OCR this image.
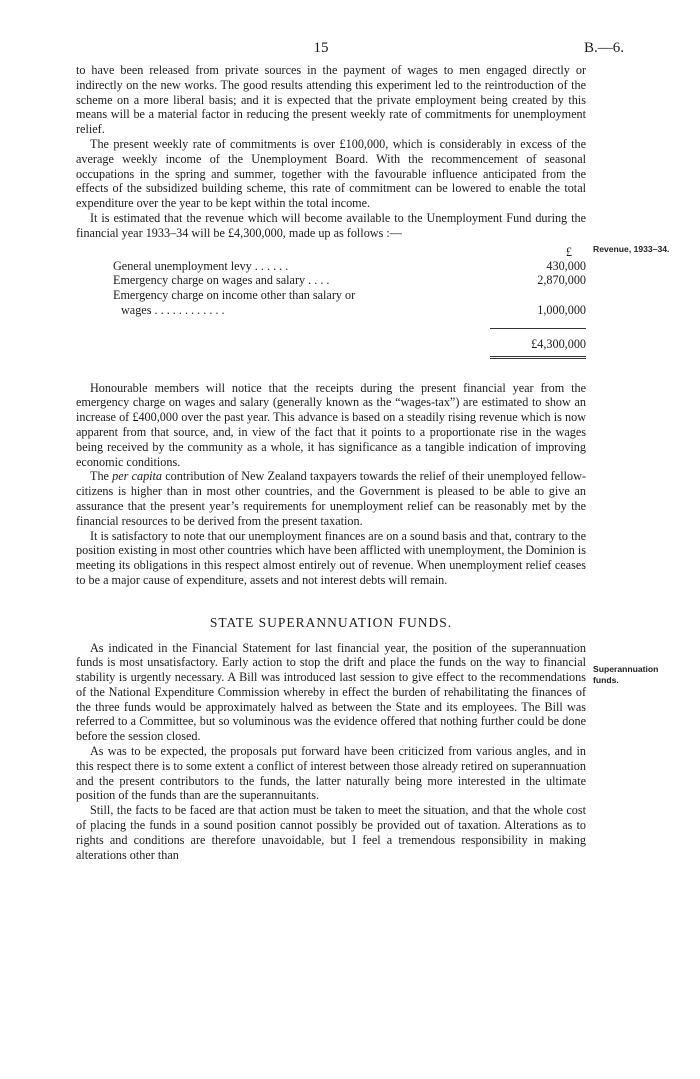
15	B.—6.
Revenue, 1933–34.
Superannuation
funds.

to have been released from private sources in the payment of wages to men engaged directly or indirectly on the new works. The good results attending this experiment led to the reintroduction of the scheme on a more liberal basis; and it is expected that the private employment being created by this means will be a material factor in reducing the present weekly rate of commitments for unemployment relief.

The present weekly rate of commitments is over £100,000, which is considerably in excess of the average weekly income of the Unemployment Board. With the recommencement of seasonal occupations in the spring and summer, together with the favourable influence anticipated from the effects of the subsidized building scheme, this rate of commitment can be lowered to enable the total expenditure over the year to be kept within the total income.

It is estimated that the revenue which will become available to the Unemployment Fund during the financial year 1933–34 will be £4,300,000, made up as follows :—

£
General unemployment levy . . . . . .	430,000
Emergency charge on wages and salary . . . .	2,870,000
Emergency charge on income other than salary or
wages . . . . . . . . . . . .	1,000,000
£4,300,000

Honourable members will notice that the receipts during the present financial year from the emergency charge on wages and salary (generally known as the “wages-tax”) are estimated to show an increase of £400,000 over the past year. This advance is based on a steadily rising revenue which is now apparent from that source, and, in view of the fact that it points to a proportionate rise in the wages being received by the community as a whole, it has significance as a tangible indication of improving economic conditions.

The per capita contribution of New Zealand taxpayers towards the relief of their unemployed fellow-citizens is higher than in most other countries, and the Government is pleased to be able to give an assurance that the present year’s requirements for unemployment relief can be reasonably met by the financial resources to be derived from the present taxation.

It is satisfactory to note that our unemployment finances are on a sound basis and that, contrary to the position existing in most other countries which have been afflicted with unemployment, the Dominion is meeting its obligations in this respect almost entirely out of revenue. When unemployment relief ceases to be a major cause of expenditure, assets and not interest debts will remain.

STATE SUPERANNUATION FUNDS.

As indicated in the Financial Statement for last financial year, the position of the superannuation funds is most unsatisfactory. Early action to stop the drift and place the funds on the way to financial stability is urgently necessary. A Bill was introduced last session to give effect to the recommendations of the National Expenditure Commission whereby in effect the burden of rehabilitating the finances of the three funds would be approximately halved as between the State and its employees. The Bill was referred to a Committee, but so voluminous was the evidence offered that nothing further could be done before the session closed.

As was to be expected, the proposals put forward have been criticized from various angles, and in this respect there is to some extent a conflict of interest between those already retired on superannuation and the present contributors to the funds, the latter naturally being more interested in the ultimate position of the funds than are the superannuitants.

Still, the facts to be faced are that action must be taken to meet the situation, and that the whole cost of placing the funds in a sound position cannot possibly be provided out of taxation. Alterations as to rights and conditions are therefore unavoidable, but I feel a tremendous responsibility in making alterations other than
